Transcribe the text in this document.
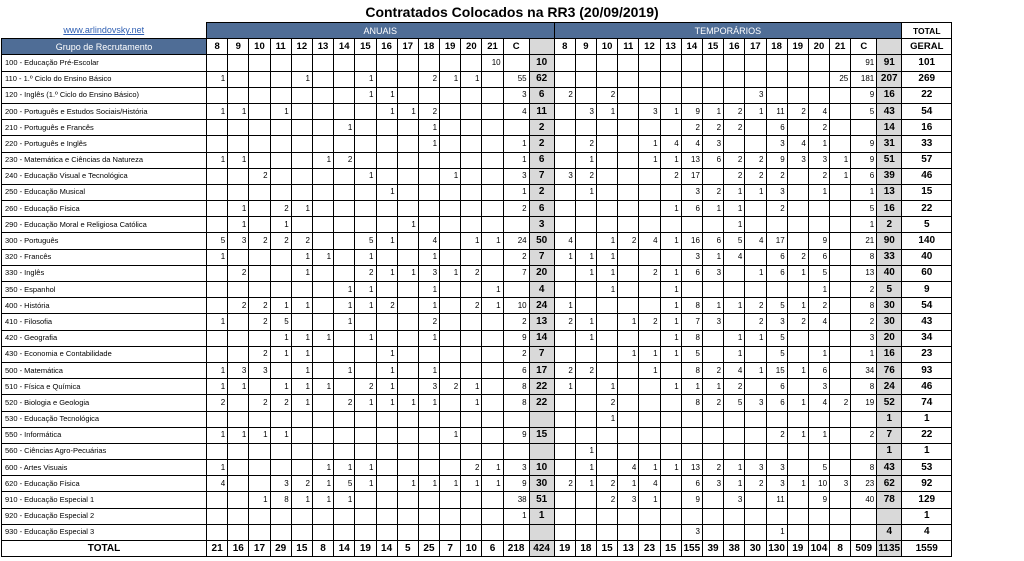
Contratados Colocados na RR3 (20/09/2019)
www.arlindovsky.net	ANUAIS																TEMPORÁRIOS																TOTAL
Grupo de Recrutamento	8	9	10	11	12	13	14	15	16	17	18	19	20	21	C		8	9	10	11	12	13	14	15	16	17	18	19	20	21	C		GERAL
100 - Educação Pré-Escolar														10		10															91	91	101
110 - 1.º Ciclo do Ensino Básico	1				1			1			2	1	1		55	62														25	181	207	269
120 - Inglês (1.º Ciclo do Ensino Básico)								1	1						3	6	2		2							3					9	16	22
200 - Português e Estudos Sociais/História	1	1		1					1	1	2				4	11		3	1		3	1	9	1	2	1	11	2	4		5	43	54
210 - Português e Francês							1				1					2							2	2	2		6		2			14	16
220 - Português e Inglês											1				1	2		2			1	4	4	3			3	4	1		9	31	33
230 - Matemática e Ciências da Natureza	1	1				1	2								1	6		1			1	1	13	6	2	2	9	3	3	1	9	51	57
240 - Educação Visual e Tecnológica			2					1				1			3	7	3	2				2	17		2	2	2		2	1	6	39	46
250 - Educação Musical									1						1	2		1					3	2	1	1	3		1		1	13	15
260 - Educação Física		1		2	1										2	6						1	6	1	1		2				5	16	22
290 - Educação Moral e Religiosa Católica		1		1						1						3									1						1	2	5
300 - Português	5	3	2	2	2			5	1		4		1	1	24	50	4		1	2	4	1	16	6	5	4	17		9		21	90	140
320 - Francês	1				1	1		1			1				2	7	1	1	1				3	1	4		6	2	6		8	33	40
330 - Inglês		2			1			2	1	1	3	1	2		7	20		1	1		2	1	6	3		1	6	1	5		13	40	60
350 - Espanhol							1	1			1			1		4			1			1							1		2	5	9
400 - História		2	2	1	1		1	1	2		1		2	1	10	24	1					1	8	1	1	2	5	1	2		8	30	54
410 - Filosofia	1		2	5			1				2				2	13	2	1		1	2	1	7	3		2	3	2	4		2	30	43
420 - Geografia				1	1	1		1			1				9	14		1				1	8		1	1	5				3	20	34
430 - Economia e Contabilidade			2	1	1				1						2	7				1	1	1	5		1		5		1		1	16	23
500 - Matemática	1	3	3		1		1		1		1				6	17	2	2			1		8	2	4	1	15	1	6		34	76	93
510 - Física e Química	1	1		1	1	1		2	1		3	2	1		8	22	1		1			1	1	1	2		6		3		8	24	46
520 - Biologia e Geologia	2		2	2	1		2	1	1	1	1		1		8	22			2				8	2	5	3	6	1	4	2	19	52	74
530 - Educação Tecnológica																			1													1	1
550 - Informática	1	1	1	1								1			9	15											2	1	1		2	7	22
560 - Ciências Agro-Pecuárias																		1														1	1
600 - Artes Visuais	1					1	1	1					2	1	3	10		1		4	1	1	13	2	1	3	3		5		8	43	53
620 - Educação Física	4			3	2	1	5	1		1	1	1	1	1	9	30	2	1	2	1	4		6	3	1	2	3	1	10	3	23	62	92
910 - Educação Especial 1			1	8	1	1	1								38	51			2	3	1		9		3		11		9		40	78	129
920 - Educação Especial 2															1	1																	1
930 - Educação Especial 3																							3				1					4	4
TOTAL	21	16	17	29	15	8	14	19	14	5	25	7	10	6	218	424	19	18	15	13	23	15	155	39	38	30	130	19	104	8	509	1135	1559
